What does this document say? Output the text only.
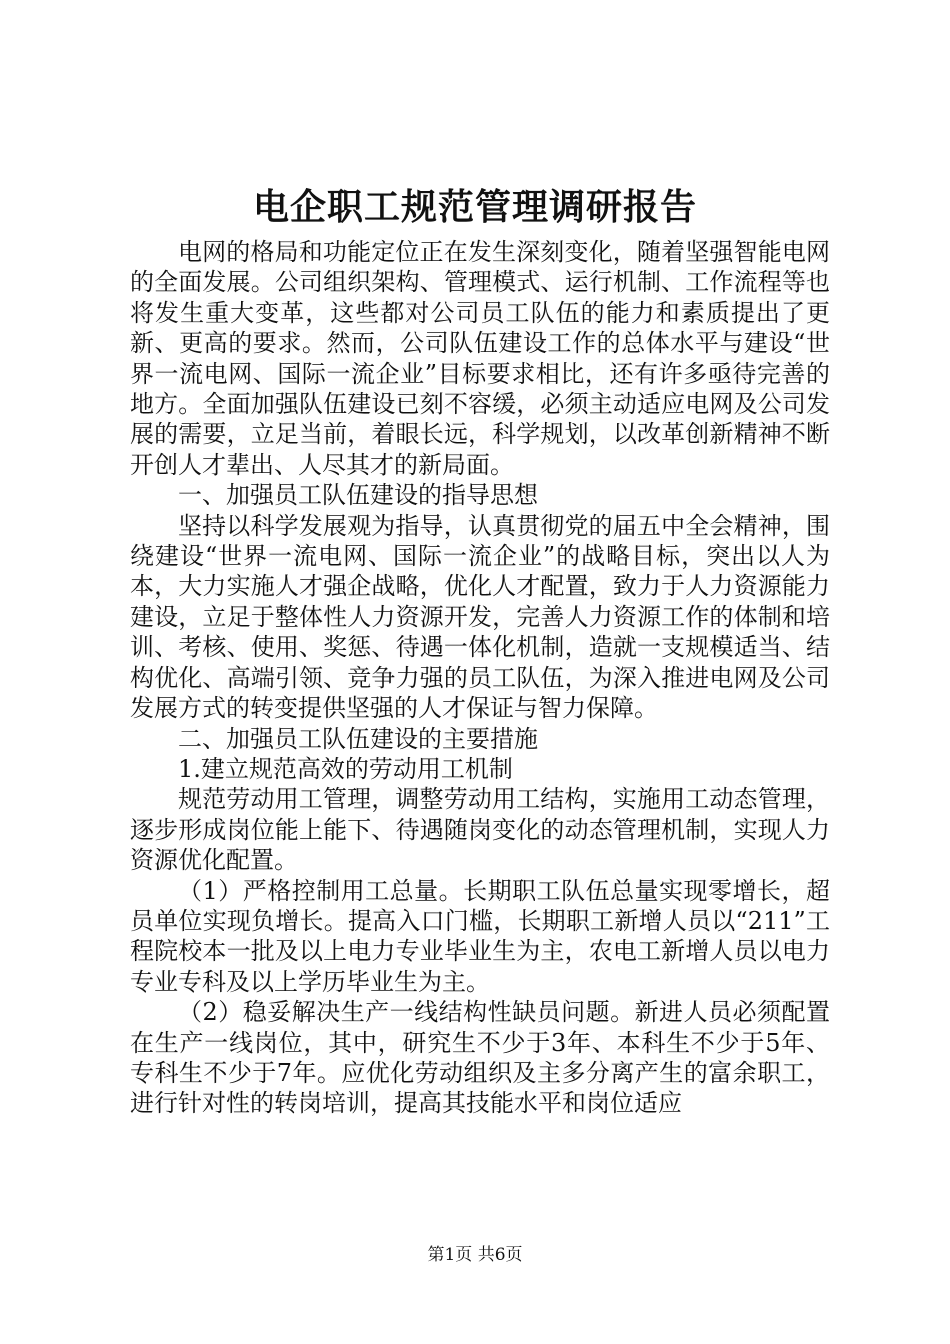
电企职工规范管理调研报告

电网的格局和功能定位正在发生深刻变化，随着坚强智能电网的全面发展。公司组织架构、管理模式、运行机制、工作流程等也将发生重大变革，这些都对公司员工队伍的能力和素质提出了更新、更高的要求。然而，公司队伍建设工作的总体水平与建设“世界一流电网、国际一流企业”目标要求相比，还有许多亟待完善的地方。全面加强队伍建设已刻不容缓，必须主动适应电网及公司发展的需要，立足当前，着眼长远，科学规划，以改革创新精神不断开创人才辈出、人尽其才的新局面。

一、加强员工队伍建设的指导思想

坚持以科学发展观为指导，认真贯彻党的届五中全会精神，围绕建设“世界一流电网、国际一流企业”的战略目标，突出以人为本，大力实施人才强企战略，优化人才配置，致力于人力资源能力建设，立足于整体性人力资源开发，完善人力资源工作的体制和培训、考核、使用、奖惩、待遇一体化机制，造就一支规模适当、结构优化、高端引领、竞争力强的员工队伍，为深入推进电网及公司发展方式的转变提供坚强的人才保证与智力保障。

二、加强员工队伍建设的主要措施

1.建立规范高效的劳动用工机制

规范劳动用工管理，调整劳动用工结构，实施用工动态管理，逐步形成岗位能上能下、待遇随岗变化的动态管理机制，实现人力资源优化配置。

（1）严格控制用工总量。长期职工队伍总量实现零增长，超员单位实现负增长。提高入口门槛，长期职工新增人员以“211”工程院校本一批及以上电力专业毕业生为主，农电工新增人员以电力专业专科及以上学历毕业生为主。

（2）稳妥解决生产一线结构性缺员问题。新进人员必须配置在生产一线岗位，其中，研究生不少于3年、本科生不少于5年、专科生不少于7年。应优化劳动组织及主多分离产生的富余职工，进行针对性的转岗培训，提高其技能水平和岗位适应

第1页 共6页
